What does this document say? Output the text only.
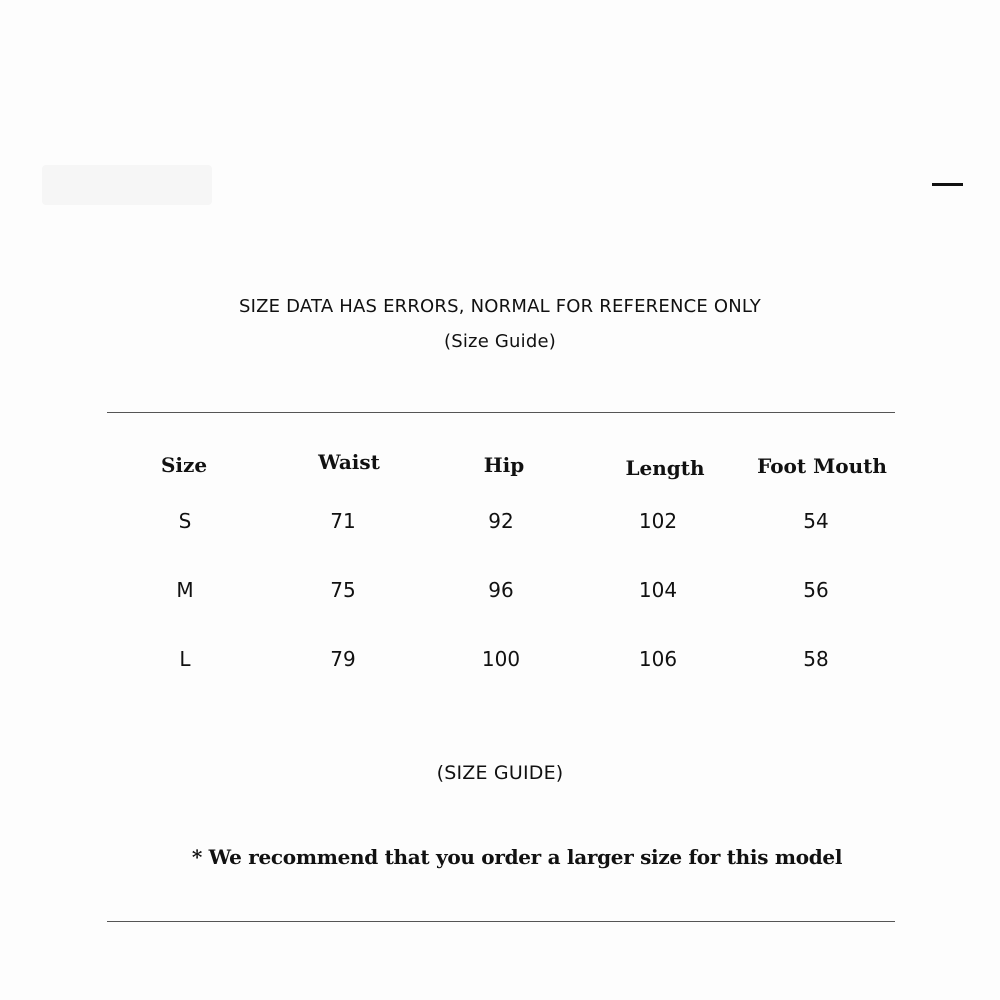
SIZE DATA HAS ERRORS, NORMAL FOR REFERENCE ONLY

(Size Guide)

Size	Waist	Hip	Length	Foot Mouth
S	71	92	102	54
M	75	96	104	56
L	79	100	106	58

(SIZE GUIDE)

* We recommend that you order a larger size for this model
